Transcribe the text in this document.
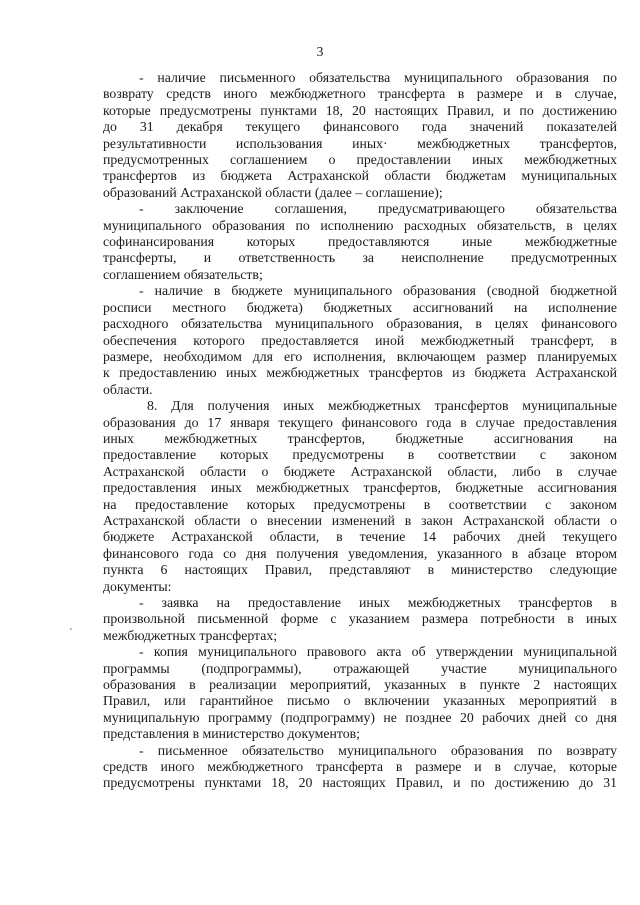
3
'
- наличие письменного обязательства муниципального образования по
возврату средств иного межбюджетного трансферта в размере и в случае,
которые предусмотрены пунктами 18, 20 настоящих Правил, и по достижению
до 31 декабря текущего финансового года значений показателей
результативности использования иных· межбюджетных трансфертов,
предусмотренных соглашением о предоставлении иных межбюджетных
трансфертов из бюджета Астраханской области бюджетам муниципальных
образований Астраханской области (далее – соглашение);
- заключение соглашения, предусматривающего обязательства
муниципального образования по исполнению расходных обязательств, в целях
софинансирования которых предоставляются иные межбюджетные
трансферты, и ответственность за неисполнение предусмотренных
соглашением обязательств;
- наличие в бюджете муниципального образования (сводной бюджетной
росписи местного бюджета) бюджетных ассигнований на исполнение
расходного обязательства муниципального образования, в целях финансового
обеспечения которого предоставляется иной межбюджетный трансферт, в
размере, необходимом для его исполнения, включающем размер планируемых
к предоставлению иных межбюджетных трансфертов из бюджета Астраханской
области.
8. Для получения иных межбюджетных трансфертов муниципальные
образования до 17 января текущего финансового года в случае предоставления
иных межбюджетных трансфертов, бюджетные ассигнования на
предоставление которых предусмотрены в соответствии с законом
Астраханской области о бюджете Астраханской области, либо в случае
предоставления иных межбюджетных трансфертов, бюджетные ассигнования
на предоставление которых предусмотрены в соответствии с законом
Астраханской области о внесении изменений в закон Астраханской области о
бюджете Астраханской области, в течение 14 рабочих дней текущего
финансового года со дня получения уведомления, указанного в абзаце втором
пункта 6 настоящих Правил, представляют в министерство следующие
документы:
- заявка на предоставление иных межбюджетных трансфертов в
произвольной письменной форме с указанием размера потребности в иных
межбюджетных трансфертах;
- копия муниципального правового акта об утверждении муниципальной
программы (подпрограммы), отражающей участие муниципального
образования в реализации мероприятий, указанных в пункте 2 настоящих
Правил, или гарантийное письмо о включении указанных мероприятий в
муниципальную программу (подпрограмму) не позднее 20 рабочих дней со дня
представления в министерство документов;
- письменное обязательство муниципального образования по возврату
средств иного межбюджетного трансферта в размере и в случае, которые
предусмотрены пунктами 18, 20 настоящих Правил, и по достижению до 31
